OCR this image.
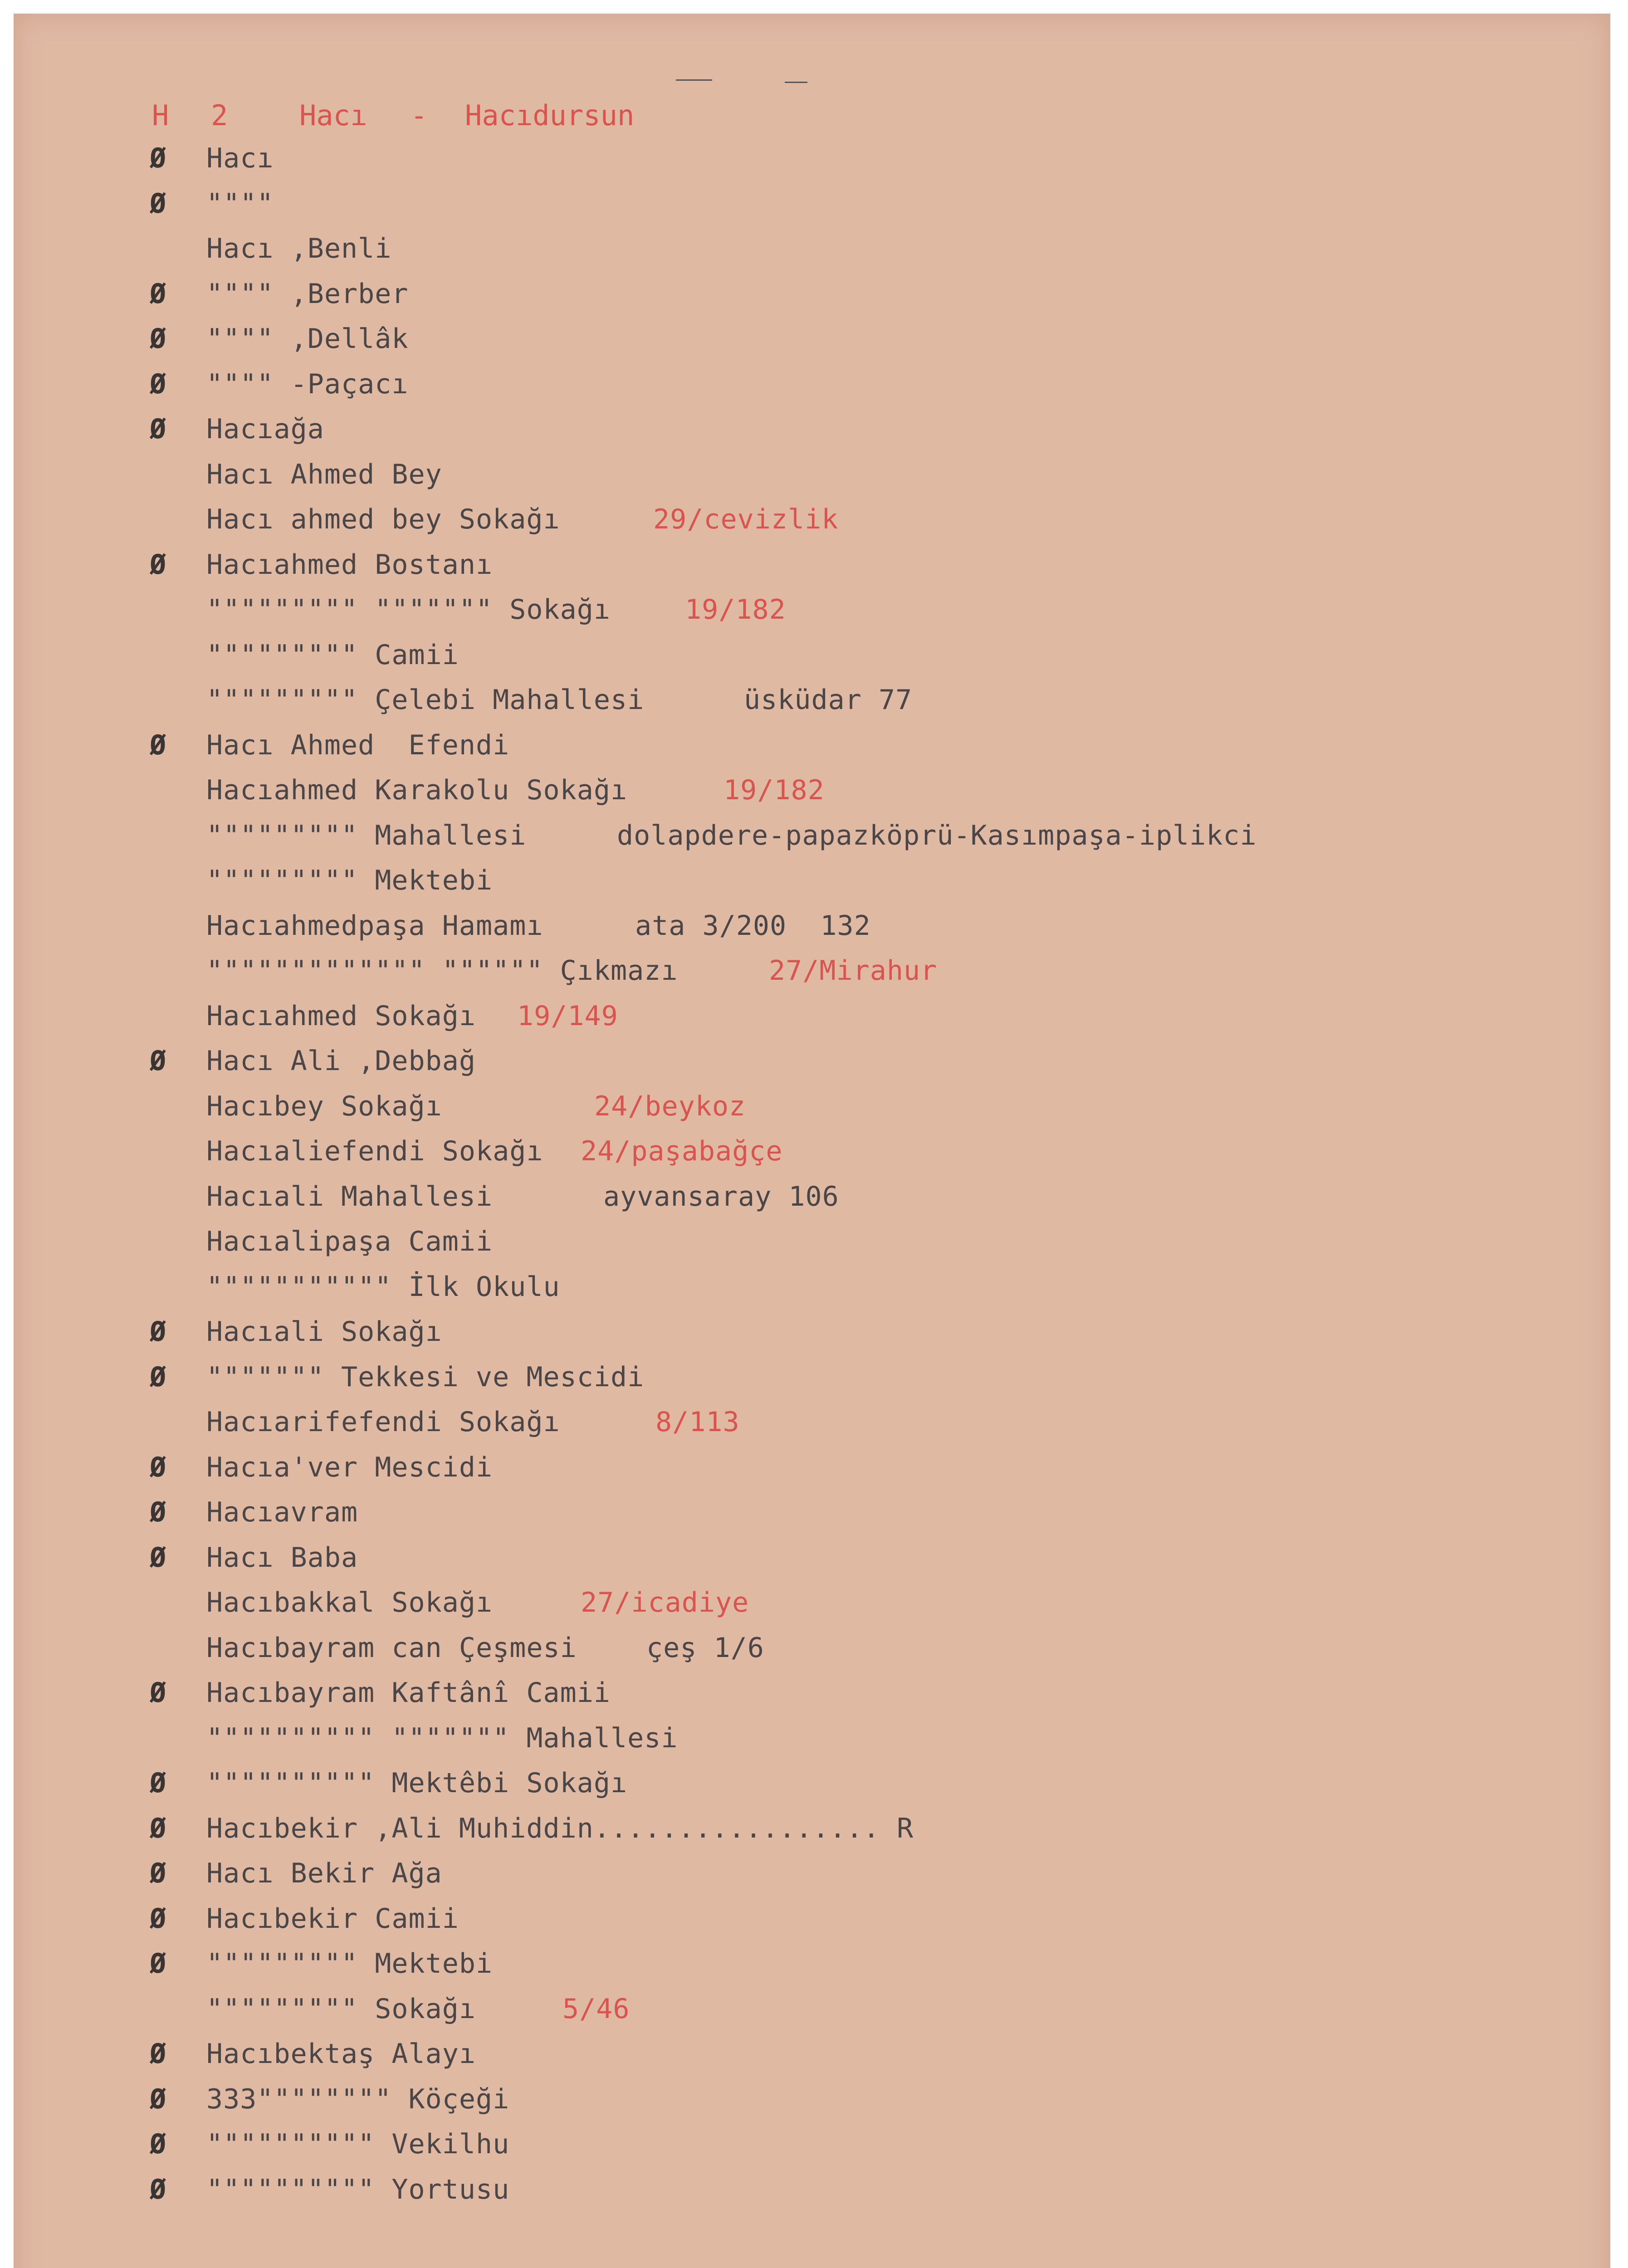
H 2	Hacı - Hacıdursun
Ø	Hacı
Ø	""""
Hacı ,Benli
Ø	"""" ,Berber
Ø	"""" ,Dellâk
Ø	"""" -Paçacı
Ø	Hacıağa
Hacı Ahmed Bey
Hacı ahmed bey Sokağı	29/cevizlik
Ø	Hacıahmed Bostanı
""""""""" """"""" Sokağı	19/182
""""""""" Camii
""""""""" Çelebi Mahallesi	üsküdar 77
Ø	Hacı Ahmed  Efendi
Hacıahmed Karakolu Sokağı	19/182
""""""""" Mahallesi	dolapdere-papazköprü-Kasımpaşa-iplikci
""""""""" Mektebi
Hacıahmedpaşa Hamamı	ata 3/200  132
""""""""""""" """""" Çıkmazı	27/Mirahur
Hacıahmed Sokağı 19/149
Ø	Hacı Ali ,Debbağ
Hacıbey Sokağı	24/beykoz
Hacıaliefendi Sokağı 24/paşabağçe
Hacıali Mahallesi	ayvansaray 106
Hacıalipaşa Camii
""""""""""" İlk Okulu
Ø	Hacıali Sokağı
Ø	""""""" Tekkesi ve Mescidi
Hacıarifefendi Sokağı	8/113
Ø	Hacıa'ver Mescidi
Ø	Hacıavram
Ø	Hacı Baba
Hacıbakkal Sokağı	27/icadiye
Hacıbayram can Çeşmesi	çeş 1/6
Ø	Hacıbayram Kaftânî Camii
"""""""""" """"""" Mahallesi
Ø	"""""""""" Mektêbi Sokağı
Ø	Hacıbekir ,Ali Muhiddin................. R
Ø	Hacı Bekir Ağa
Ø	Hacıbekir Camii
Ø	""""""""" Mektebi
""""""""" Sokağı	5/46
Ø	Hacıbektaş Alayı
Ø	333"""""""" Köçeği
Ø	"""""""""" Vekilhu
Ø	"""""""""" Yortusu
